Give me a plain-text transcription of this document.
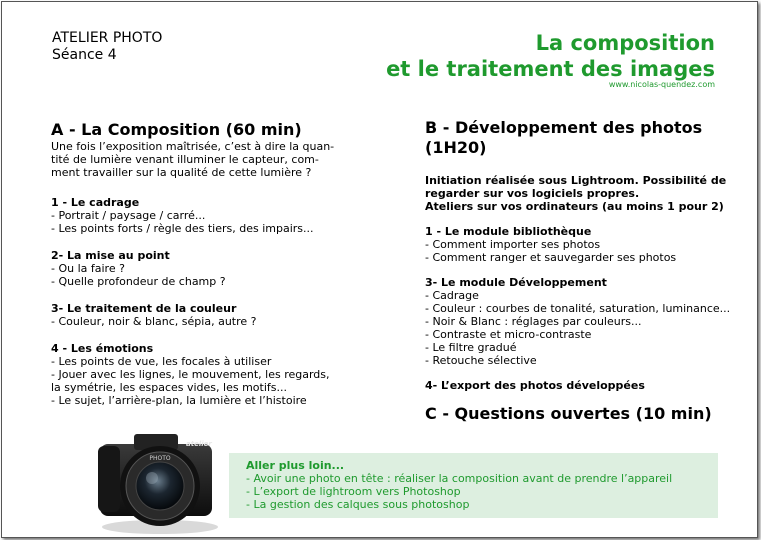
ATELIER PHOTO
Séance 4	La composition
et le traitement des images
www.nicolas-quendez.com
A - La Composition (60 min)
Une fois l’exposition maîtrisée, c’est à dire la quan-
tité de lumière venant illuminer le capteur, com-
ment travailler sur la qualité de cette lumière ?
1 - Le cadrage
- Portrait / paysage / carré...
- Les points forts / règle des tiers, des impairs...
2- La mise au point
- Ou la faire ?
- Quelle profondeur de champ ?
3- Le traitement de la couleur
- Couleur, noir & blanc, sépia, autre ?
4 - Les émotions
- Les points de vue, les focales à utiliser
- Jouer avec les lignes, le mouvement, les regards,
la symétrie, les espaces vides, les motifs...
- Le sujet, l’arrière-plan, la lumière et l’histoire
B - Développement des photos
(1H20)
Initiation réalisée sous Lightroom. Possibilité de
regarder sur vos logiciels propres.
Ateliers sur vos ordinateurs (au moins 1 pour 2)
1 - Le module bibliothèque
- Comment importer ses photos
- Comment ranger et sauvegarder ses photos
3- Le module Développement
- Cadrage
- Couleur : courbes de tonalité, saturation, luminance...
- Noir & Blanc : réglages par couleurs...
- Contraste et micro-contraste
- Le filtre gradué
- Retouche sélective
4- L’export des photos développées
C - Questions ouvertes (10 min)
atelier
PHOTO
Aller plus loin...
- Avoir une photo en tête : réaliser la composition avant de prendre l’appareil
- L’export de lightroom vers Photoshop
- La gestion des calques sous photoshop
